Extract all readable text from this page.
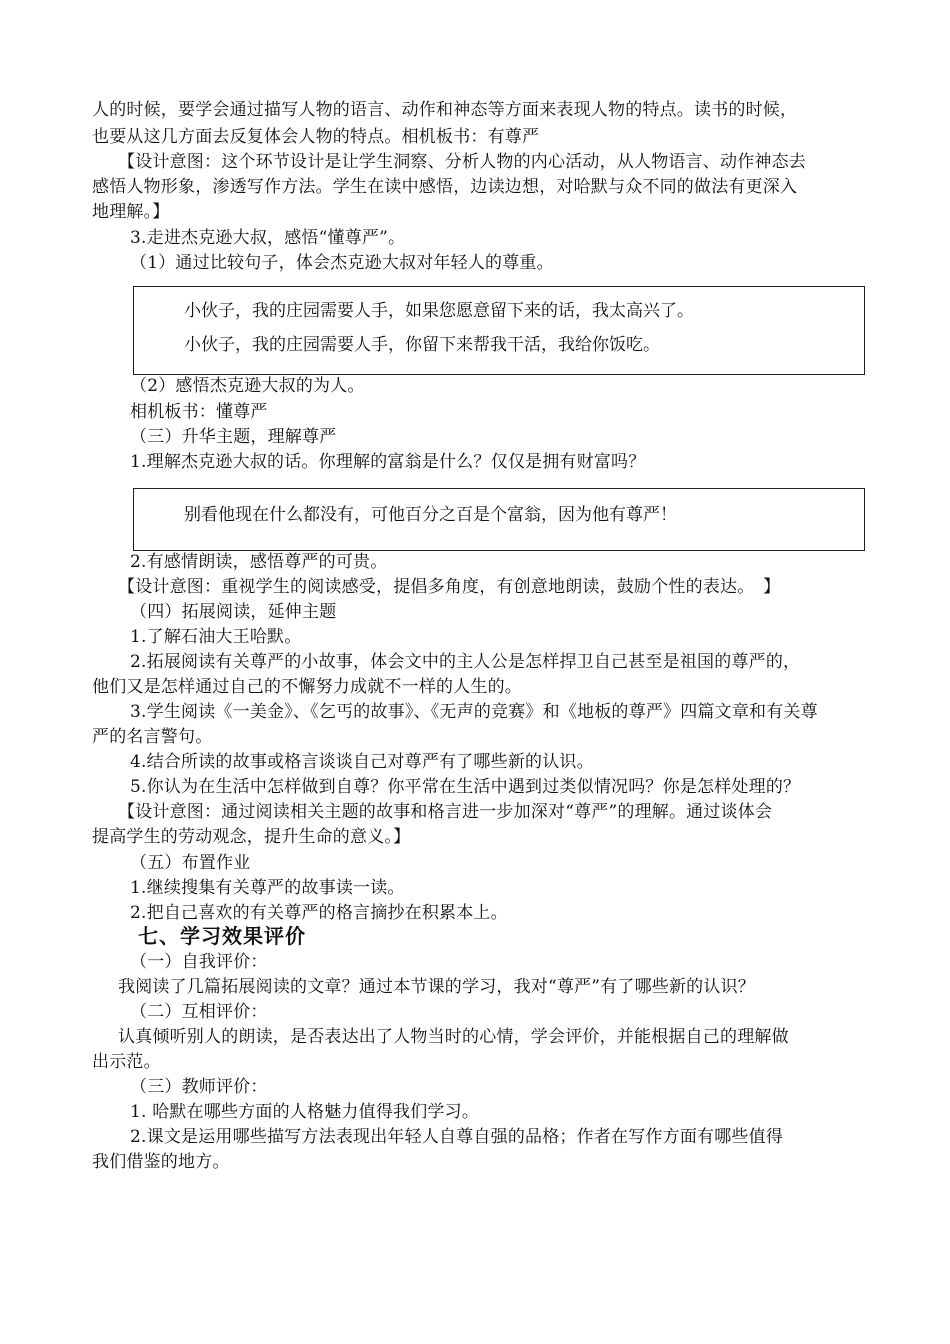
人的时候，要学会通过描写人物的语言、动作和神态等方面来表现人物的特点。读书的时候，
也要从这几方面去反复体会人物的特点。相机板书：有尊严
【设计意图：这个环节设计是让学生洞察、分析人物的内心活动，从人物语言、动作神态去
感悟人物形象，渗透写作方法。学生在读中感悟，边读边想，对哈默与众不同的做法有更深入
地理解。】
3.走进杰克逊大叔，感悟“懂尊严”。
（1）通过比较句子，体会杰克逊大叔对年轻人的尊重。
小伙子，我的庄园需要人手，如果您愿意留下来的话，我太高兴了。
小伙子，我的庄园需要人手，你留下来帮我干活，我给你饭吃。
（2）感悟杰克逊大叔的为人。
相机板书：懂尊严
（三）升华主题，理解尊严
1.理解杰克逊大叔的话。你理解的富翁是什么？仅仅是拥有财富吗？
别看他现在什么都没有，可他百分之百是个富翁，因为他有尊严！
2.有感情朗读，感悟尊严的可贵。
【设计意图：重视学生的阅读感受，提倡多角度，有创意地朗读，鼓励个性的表达。　】
（四）拓展阅读，延伸主题
1.了解石油大王哈默。
2.拓展阅读有关尊严的小故事，体会文中的主人公是怎样捍卫自己甚至是祖国的尊严的，
他们又是怎样通过自己的不懈努力成就不一样的人生的。
3.学生阅读《一美金》、《乞丐的故事》、《无声的竞赛》和《地板的尊严》四篇文章和有关尊
严的名言警句。
4.结合所读的故事或格言谈谈自己对尊严有了哪些新的认识。
5.你认为在生活中怎样做到自尊？你平常在生活中遇到过类似情况吗？你是怎样处理的？
【设计意图：通过阅读相关主题的故事和格言进一步加深对“尊严”的理解。通过谈体会
提高学生的劳动观念，提升生命的意义。】
（五）布置作业
1.继续搜集有关尊严的故事读一读。
2.把自己喜欢的有关尊严的格言摘抄在积累本上。
七、学习效果评价
（一）自我评价：
我阅读了几篇拓展阅读的文章？通过本节课的学习，我对“尊严”有了哪些新的认识？
（二）互相评价：
认真倾听别人的朗读，是否表达出了人物当时的心情，学会评价，并能根据自己的理解做
出示范。
（三）教师评价：
1. 哈默在哪些方面的人格魅力值得我们学习。
2.课文是运用哪些描写方法表现出年轻人自尊自强的品格；作者在写作方面有哪些值得
我们借鉴的地方。
